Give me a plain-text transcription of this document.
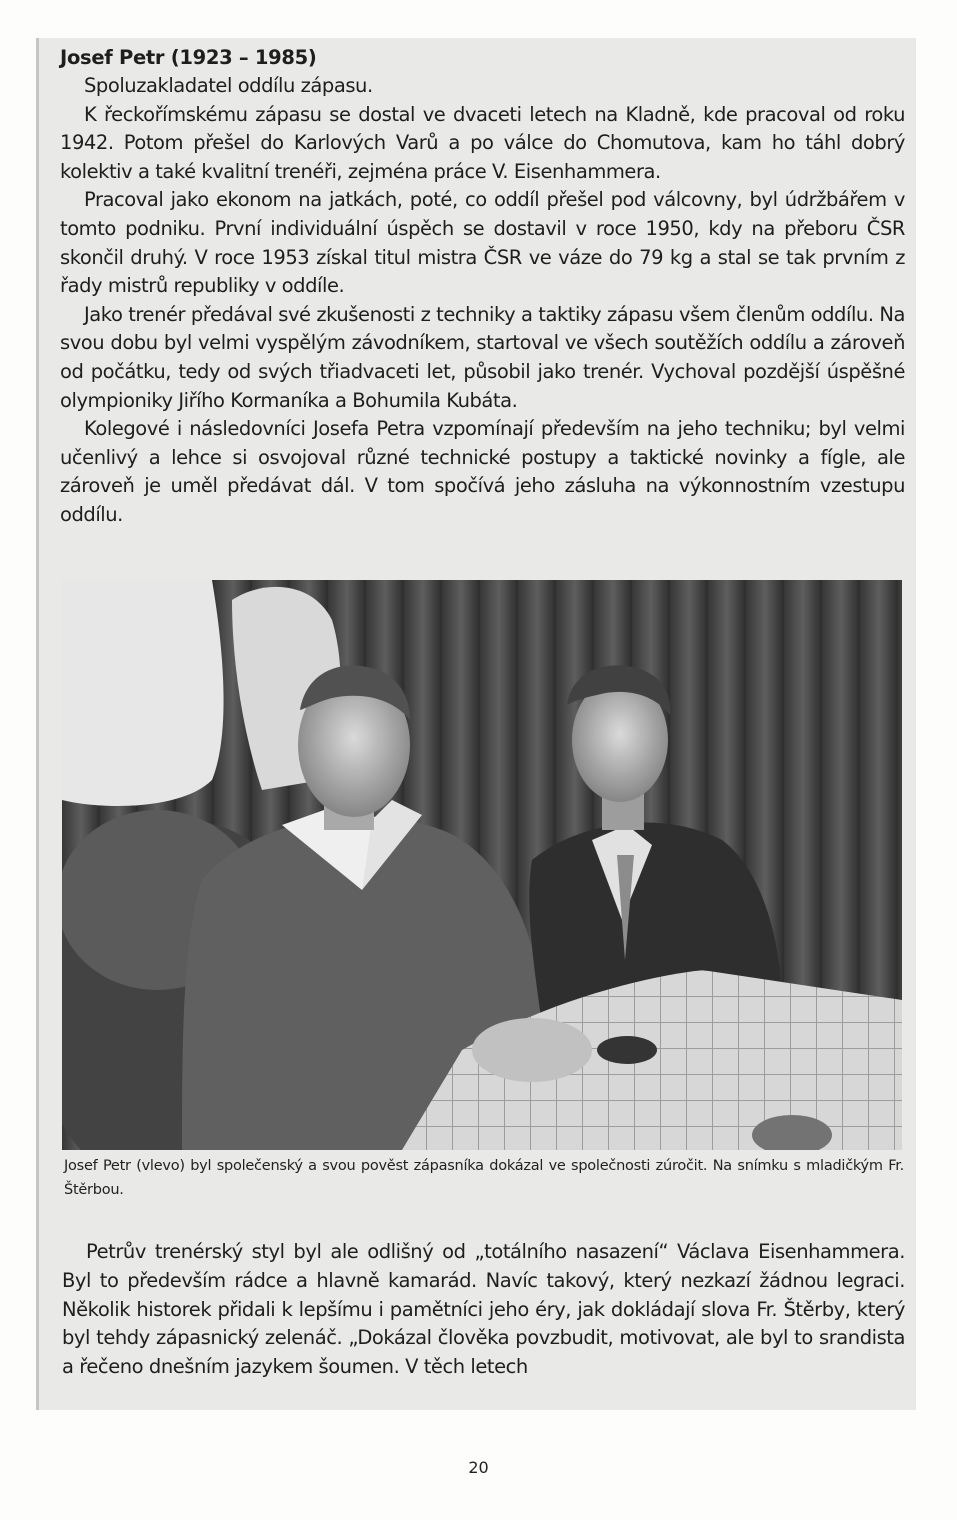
Josef Petr (1923 – 1985)

Spoluzakladatel oddílu zápasu.

K řeckořímskému zápasu se dostal ve dvaceti letech na Kladně, kde pracoval od roku 1942. Potom přešel do Karlových Varů a po válce do Chomutova, kam ho táhl dobrý kolektiv a také kvalitní trenéři, zejména práce V. Eisenhammera.

Pracoval jako ekonom na jatkách, poté, co oddíl přešel pod válcovny, byl údržbářem v tomto podniku. První individuální úspěch se dostavil v roce 1950, kdy na přeboru ČSR skončil druhý. V roce 1953 získal titul mistra ČSR ve váze do 79 kg a stal se tak prvním z řady mistrů republiky v oddíle.

Jako trenér předával své zkušenosti z techniky a taktiky zápasu všem členům oddílu. Na svou dobu byl velmi vyspělým závodníkem, startoval ve všech soutěžích oddílu a zároveň od počátku, tedy od svých třiadvaceti let, působil jako trenér. Vychoval pozdější úspěšné olympioniky Jiřího Kormaníka a Bohumila Kubáta.

Kolegové i následovníci Josefa Petra vzpomínají především na jeho techniku; byl velmi učenlivý a lehce si osvojoval různé technické postupy a taktické novinky a fígle, ale zároveň je uměl předávat dál. V tom spočívá jeho zásluha na výkonnostním vzestupu oddílu.

Josef Petr (vlevo) byl společenský a svou pověst zápasníka dokázal ve společnosti zúročit. Na snímku s mladičkým Fr. Štěrbou.

Petrův trenérský styl byl ale odlišný od „totálního nasazení“ Václava Eisenhammera. Byl to především rádce a hlavně kamarád. Navíc takový, který nezkazí žádnou legraci. Několik historek přidali k lepšímu i pamětníci jeho éry, jak dokládají slova Fr. Štěrby, který byl tehdy zápasnický zelenáč. „Dokázal člověka povzbudit, motivovat, ale byl to srandista a řečeno dnešním jazykem šoumen. V těch letech

20
